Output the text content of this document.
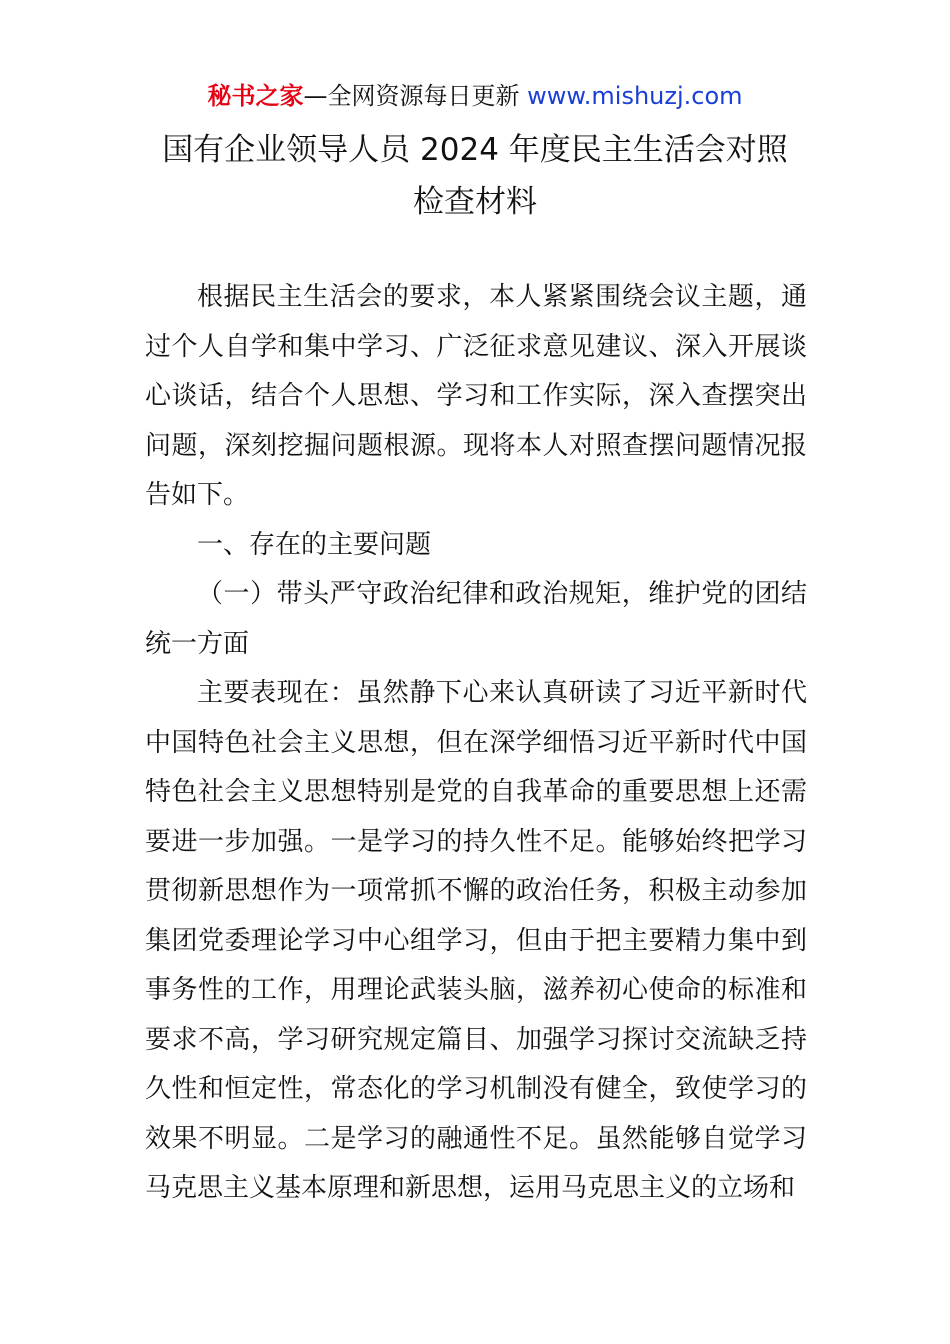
秘书之家—全网资源每日更新 www.mishuzj.com
国有企业领导人员 2024 年度民主生活会对照
检查材料

根据民主生活会的要求，本人紧紧围绕会议主题，通过个人自学和集中学习、广泛征求意见建议、深入开展谈心谈话，结合个人思想、学习和工作实际，深入查摆突出问题，深刻挖掘问题根源。现将本人对照查摆问题情况报告如下。

一、存在的主要问题

（一）带头严守政治纪律和政治规矩，维护党的团结统一方面

主要表现在：虽然静下心来认真研读了习近平新时代中国特色社会主义思想，但在深学细悟习近平新时代中国特色社会主义思想特别是党的自我革命的重要思想上还需要进一步加强。一是学习的持久性不足。能够始终把学习贯彻新思想作为一项常抓不懈的政治任务，积极主动参加集团党委理论学习中心组学习，但由于把主要精力集中到事务性的工作，用理论武装头脑，滋养初心使命的标准和要求不高，学习研究规定篇目、加强学习探讨交流缺乏持久性和恒定性，常态化的学习机制没有健全，致使学习的效果不明显。二是学习的融通性不足。虽然能够自觉学习马克思主义基本原理和新思想，运用马克思主义的立场和
